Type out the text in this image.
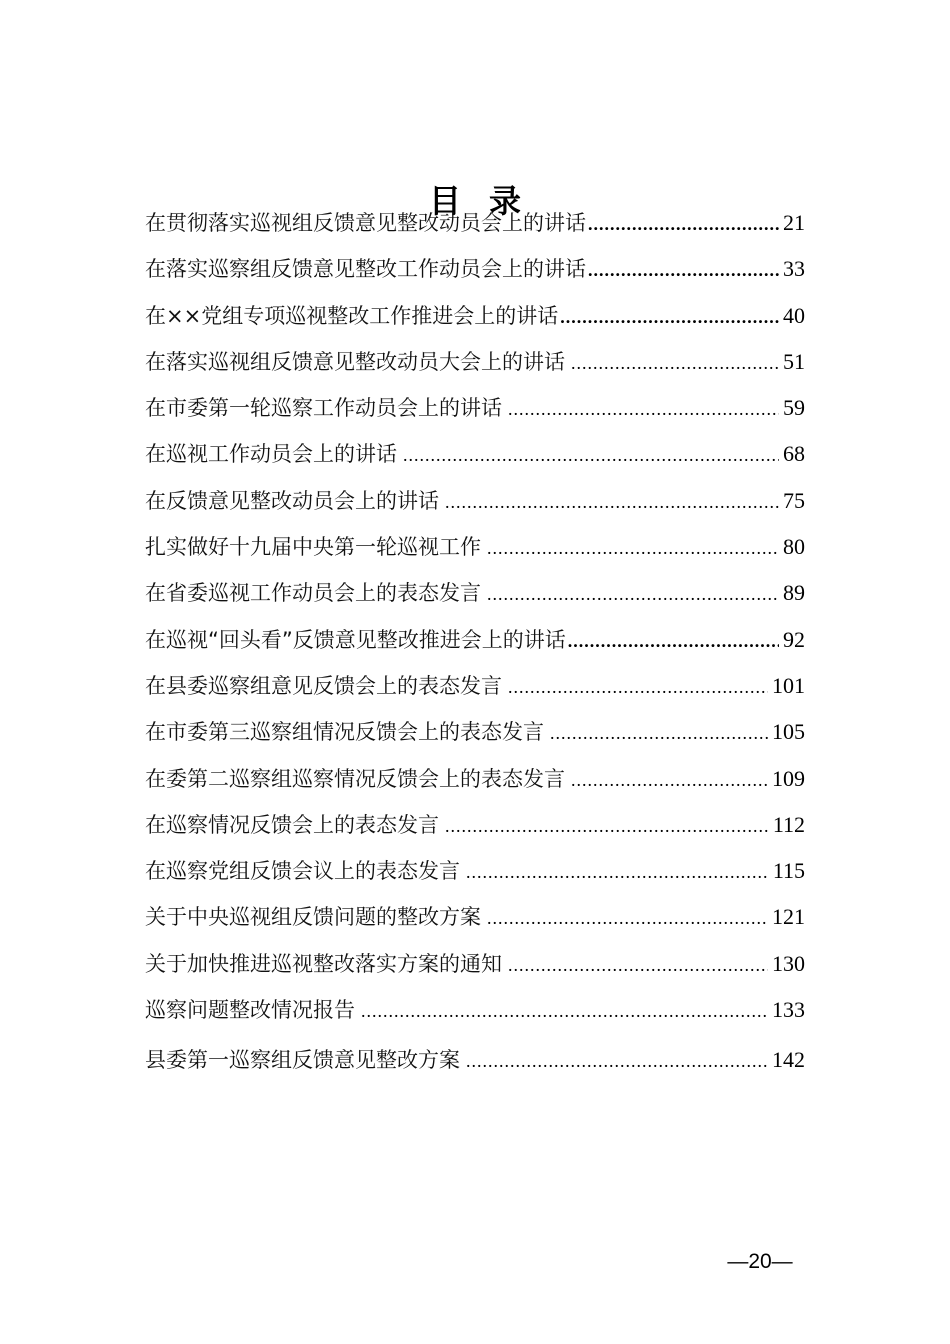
目录
在贯彻落实巡视组反馈意见整改动员会上的讲话 .....	21
在落实巡察组反馈意见整改工作动员会上的讲话 .....	33
在××党组专项巡视整改工作推进会上的讲话 .....	40
在落实巡视组反馈意见整改动员大会上的讲话 .....	51
在市委第一轮巡察工作动员会上的讲话 .....	59
在巡视工作动员会上的讲话 .....	68
在反馈意见整改动员会上的讲话 .....	75
扎实做好十九届中央第一轮巡视工作 .....	80
在省委巡视工作动员会上的表态发言 .....	89
在巡视“回头看”反馈意见整改推进会上的讲话 .....	92
在县委巡察组意见反馈会上的表态发言 .....	101
在市委第三巡察组情况反馈会上的表态发言 .....	105
在委第二巡察组巡察情况反馈会上的表态发言 .....	109
在巡察情况反馈会上的表态发言 .....	112
在巡察党组反馈会议上的表态发言 .....	115
关于中央巡视组反馈问题的整改方案 .....	121
关于加快推进巡视整改落实方案的通知 .....	130
巡察问题整改情况报告 .....	133
县委第一巡察组反馈意见整改方案 .....	142
—20—
